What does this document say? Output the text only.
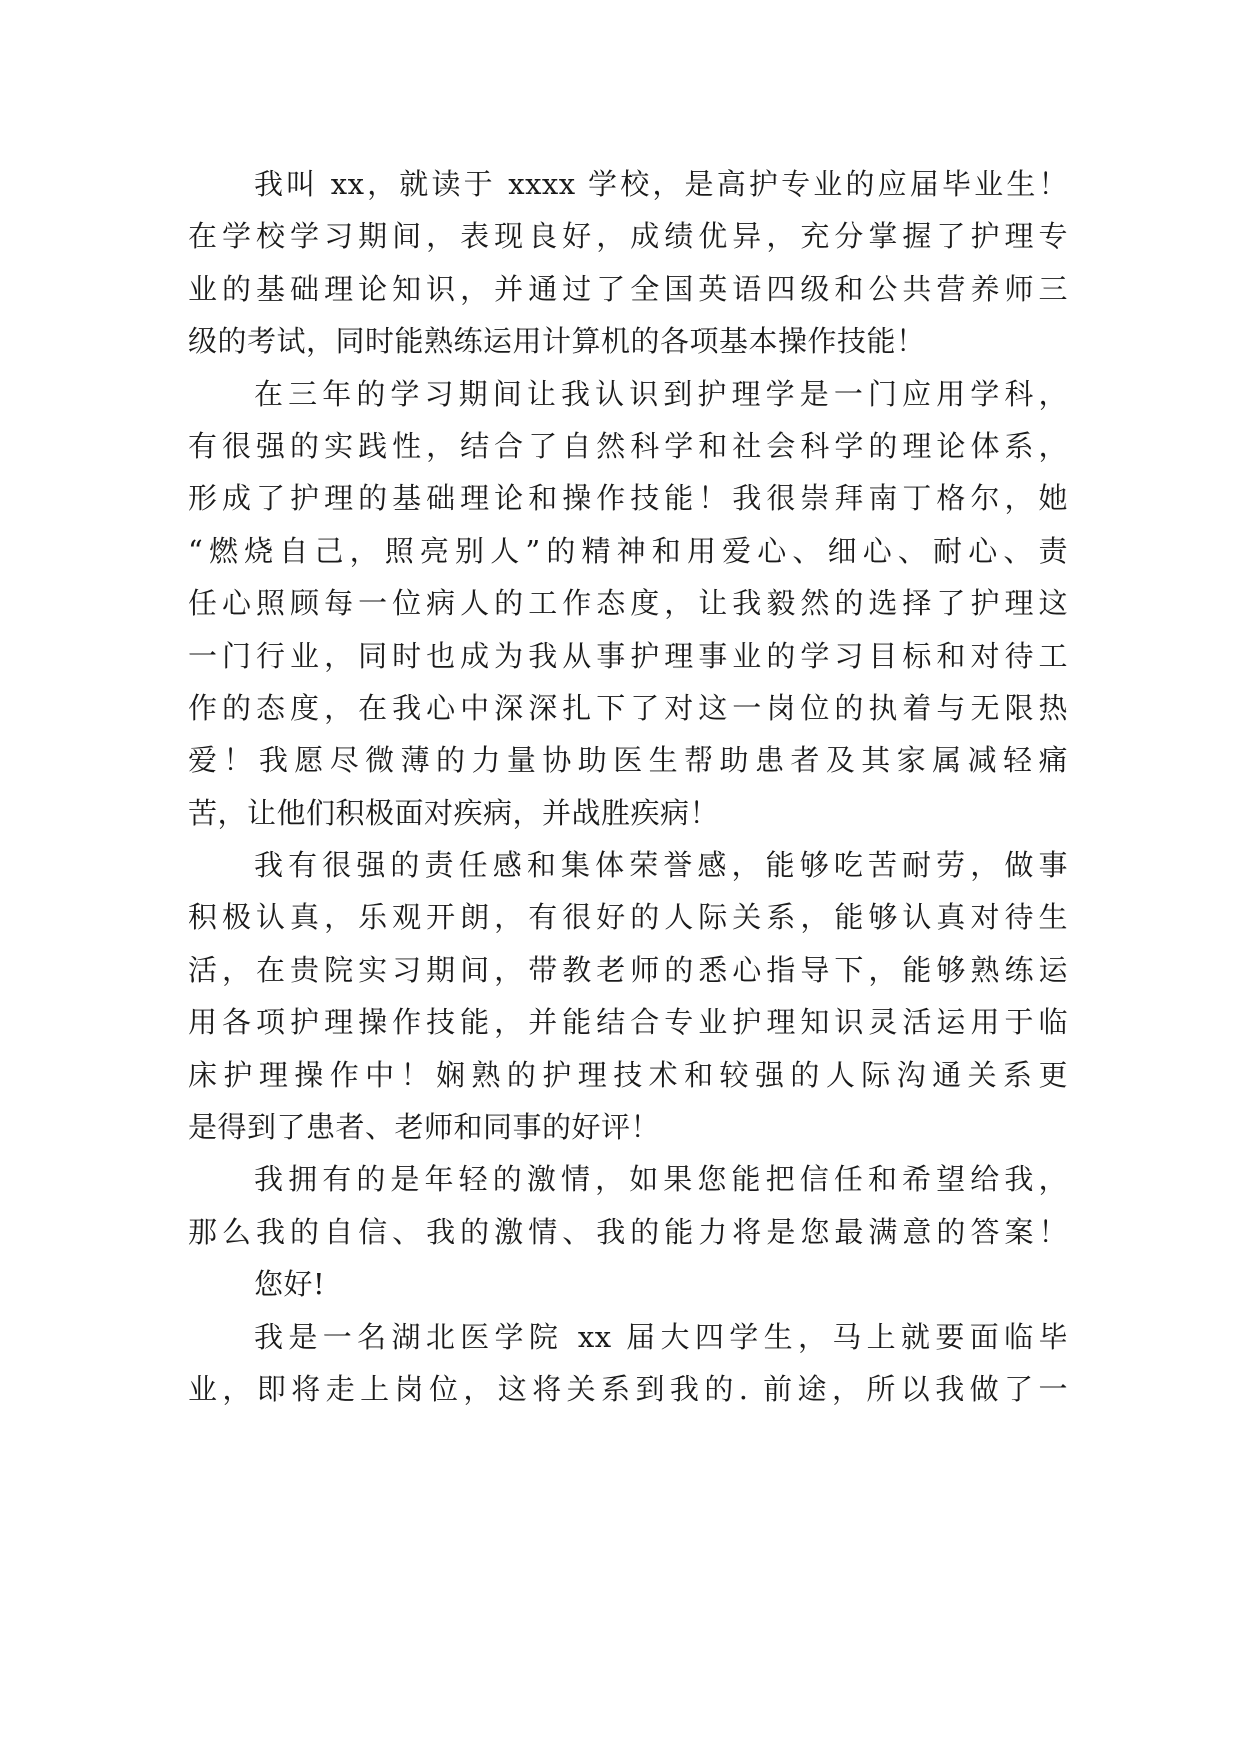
我叫 xx，就读于 xxxx 学校，是高护专业的应届毕业生！
在学校学习期间，表现良好，成绩优异，充分掌握了护理专
业的基础理论知识，并通过了全国英语四级和公共营养师三
级的考试，同时能熟练运用计算机的各项基本操作技能！
在三年的学习期间让我认识到护理学是一门应用学科，
有很强的实践性，结合了自然科学和社会科学的理论体系，
形成了护理的基础理论和操作技能！我很崇拜南丁格尔，她
“燃烧自己，照亮别人”的精神和用爱心、细心、耐心、责
任心照顾每一位病人的工作态度，让我毅然的选择了护理这
一门行业，同时也成为我从事护理事业的学习目标和对待工
作的态度，在我心中深深扎下了对这一岗位的执着与无限热
爱！我愿尽微薄的力量协助医生帮助患者及其家属减轻痛
苦，让他们积极面对疾病，并战胜疾病！
我有很强的责任感和集体荣誉感，能够吃苦耐劳，做事
积极认真，乐观开朗，有很好的人际关系，能够认真对待生
活，在贵院实习期间，带教老师的悉心指导下，能够熟练运
用各项护理操作技能，并能结合专业护理知识灵活运用于临
床护理操作中！娴熟的护理技术和较强的人际沟通关系更
是得到了患者、老师和同事的好评！
我拥有的是年轻的激情，如果您能把信任和希望给我，
那么我的自信、我的激情、我的能力将是您最满意的答案！
您好!
我是一名湖北医学院 xx 届大四学生，马上就要面临毕
业，即将走上岗位，这将关系到我的. 前途，所以我做了一
